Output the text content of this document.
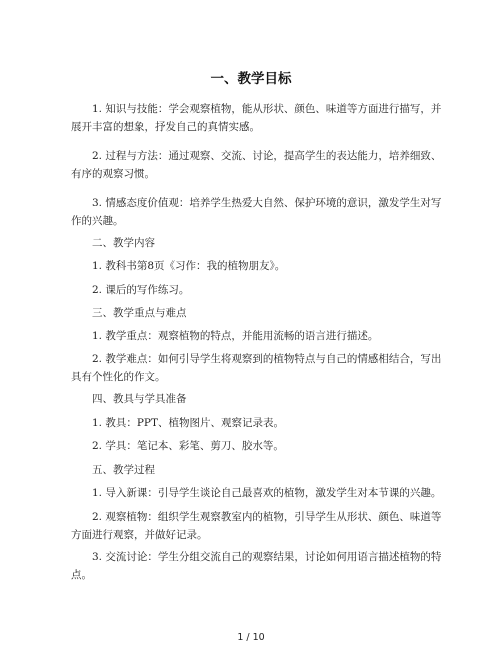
一、教学目标
1. 知识与技能：学会观察植物，能从形状、颜色、味道等方面进行描写，并
展开丰富的想象，抒发自己的真情实感。
2. 过程与方法：通过观察、交流、讨论，提高学生的表达能力，培养细致、
有序的观察习惯。
3. 情感态度价值观：培养学生热爱大自然、保护环境的意识，激发学生对写
作的兴趣。
二、教学内容
1. 教科书第8页《习作：我的植物朋友》。
2. 课后的写作练习。
三、教学重点与难点
1. 教学重点：观察植物的特点，并能用流畅的语言进行描述。
2. 教学难点：如何引导学生将观察到的植物特点与自己的情感相结合，写出
具有个性化的作文。
四、教具与学具准备
1. 教具：PPT、植物图片、观察记录表。
2. 学具：笔记本、彩笔、剪刀、胶水等。
五、教学过程
1. 导入新课：引导学生谈论自己最喜欢的植物，激发学生对本节课的兴趣。
2. 观察植物：组织学生观察教室内的植物，引导学生从形状、颜色、味道等
方面进行观察，并做好记录。
3. 交流讨论：学生分组交流自己的观察结果，讨论如何用语言描述植物的特
点。
1 / 10
